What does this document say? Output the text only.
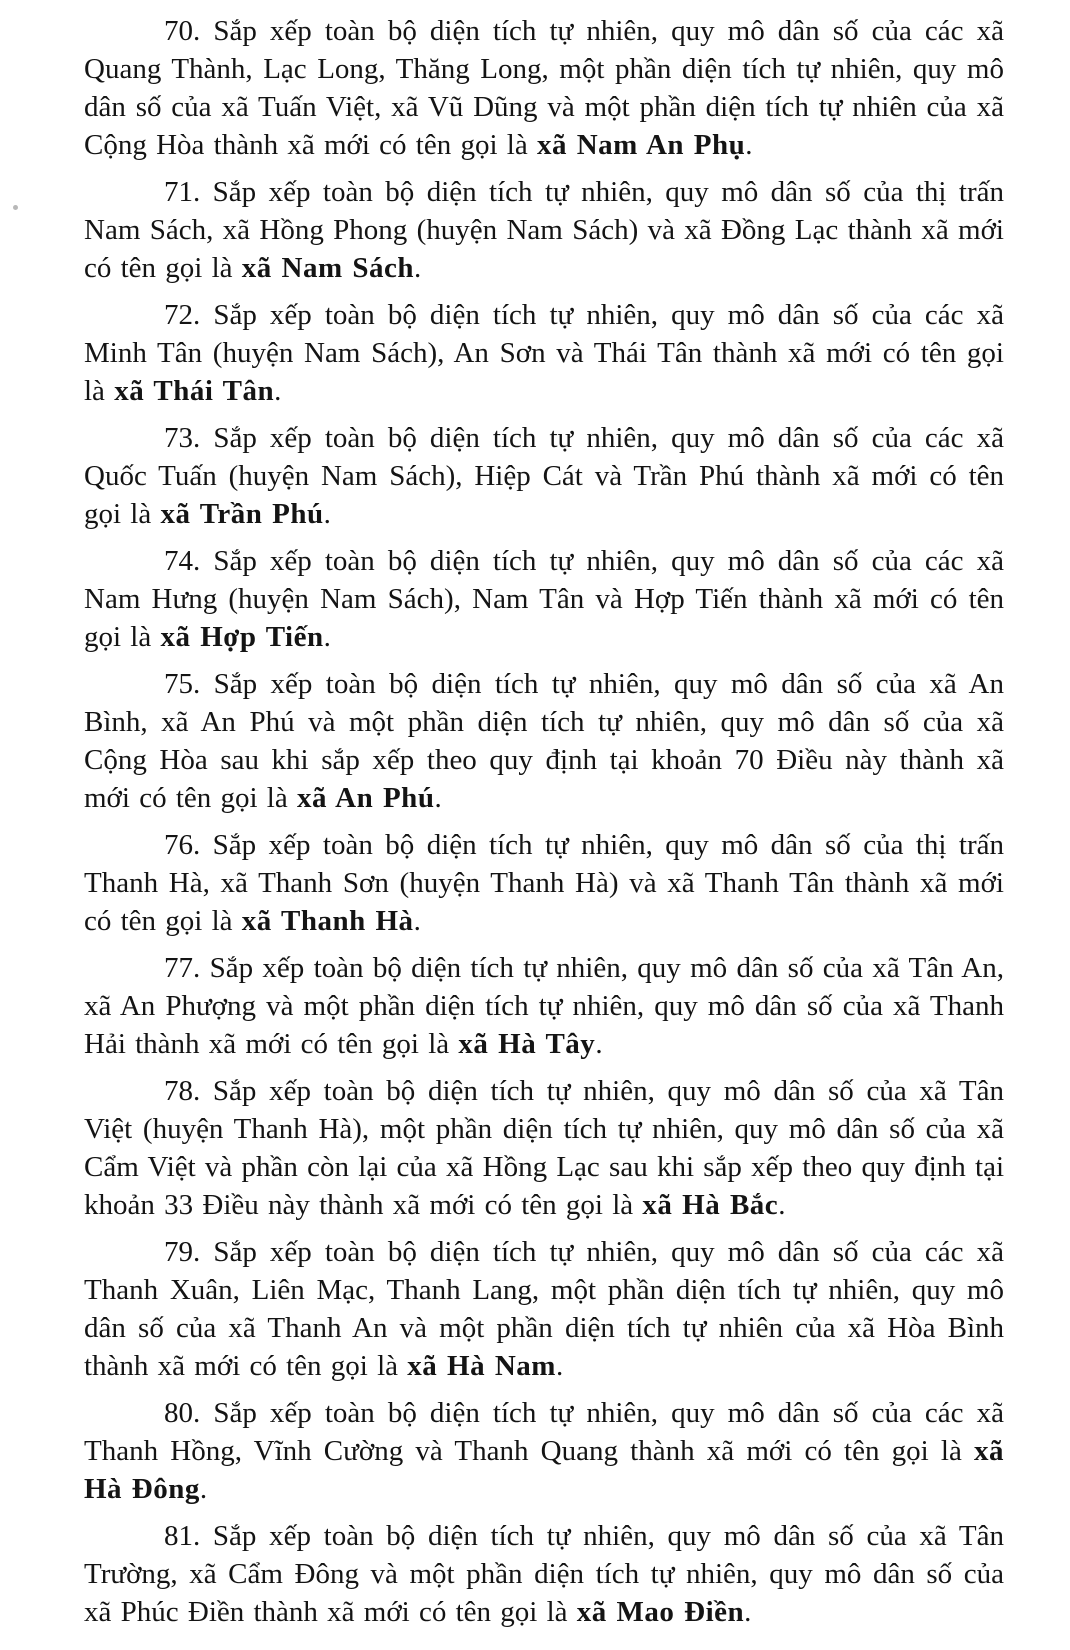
70. Sắp xếp toàn bộ diện tích tự nhiên, quy mô dân số của các xã Quang Thành, Lạc Long, Thăng Long, một phần diện tích tự nhiên, quy mô dân số của xã Tuấn Việt, xã Vũ Dũng và một phần diện tích tự nhiên của xã Cộng Hòa thành xã mới có tên gọi là xã Nam An Phụ.

71. Sắp xếp toàn bộ diện tích tự nhiên, quy mô dân số của thị trấn Nam Sách, xã Hồng Phong (huyện Nam Sách) và xã Đồng Lạc thành xã mới có tên gọi là xã Nam Sách.

72. Sắp xếp toàn bộ diện tích tự nhiên, quy mô dân số của các xã Minh Tân (huyện Nam Sách), An Sơn và Thái Tân thành xã mới có tên gọi là xã Thái Tân.

73. Sắp xếp toàn bộ diện tích tự nhiên, quy mô dân số của các xã Quốc Tuấn (huyện Nam Sách), Hiệp Cát và Trần Phú thành xã mới có tên gọi là xã Trần Phú.

74. Sắp xếp toàn bộ diện tích tự nhiên, quy mô dân số của các xã Nam Hưng (huyện Nam Sách), Nam Tân và Hợp Tiến thành xã mới có tên gọi là xã Hợp Tiến.

75. Sắp xếp toàn bộ diện tích tự nhiên, quy mô dân số của xã An Bình, xã An Phú và một phần diện tích tự nhiên, quy mô dân số của xã Cộng Hòa sau khi sắp xếp theo quy định tại khoản 70 Điều này thành xã mới có tên gọi là xã An Phú.

76. Sắp xếp toàn bộ diện tích tự nhiên, quy mô dân số của thị trấn Thanh Hà, xã Thanh Sơn (huyện Thanh Hà) và xã Thanh Tân thành xã mới có tên gọi là xã Thanh Hà.

77. Sắp xếp toàn bộ diện tích tự nhiên, quy mô dân số của xã Tân An, xã An Phượng và một phần diện tích tự nhiên, quy mô dân số của xã Thanh Hải thành xã mới có tên gọi là xã Hà Tây.

78. Sắp xếp toàn bộ diện tích tự nhiên, quy mô dân số của xã Tân Việt (huyện Thanh Hà), một phần diện tích tự nhiên, quy mô dân số của xã Cẩm Việt và phần còn lại của xã Hồng Lạc sau khi sắp xếp theo quy định tại khoản 33 Điều này thành xã mới có tên gọi là xã Hà Bắc.

79. Sắp xếp toàn bộ diện tích tự nhiên, quy mô dân số của các xã Thanh Xuân, Liên Mạc, Thanh Lang, một phần diện tích tự nhiên, quy mô dân số của xã Thanh An và một phần diện tích tự nhiên của xã Hòa Bình thành xã mới có tên gọi là xã Hà Nam.

80. Sắp xếp toàn bộ diện tích tự nhiên, quy mô dân số của các xã Thanh Hồng, Vĩnh Cường và Thanh Quang thành xã mới có tên gọi là xã Hà Đông.

81. Sắp xếp toàn bộ diện tích tự nhiên, quy mô dân số của xã Tân Trường, xã Cẩm Đông và một phần diện tích tự nhiên, quy mô dân số của xã Phúc Điền thành xã mới có tên gọi là xã Mao Điền.
